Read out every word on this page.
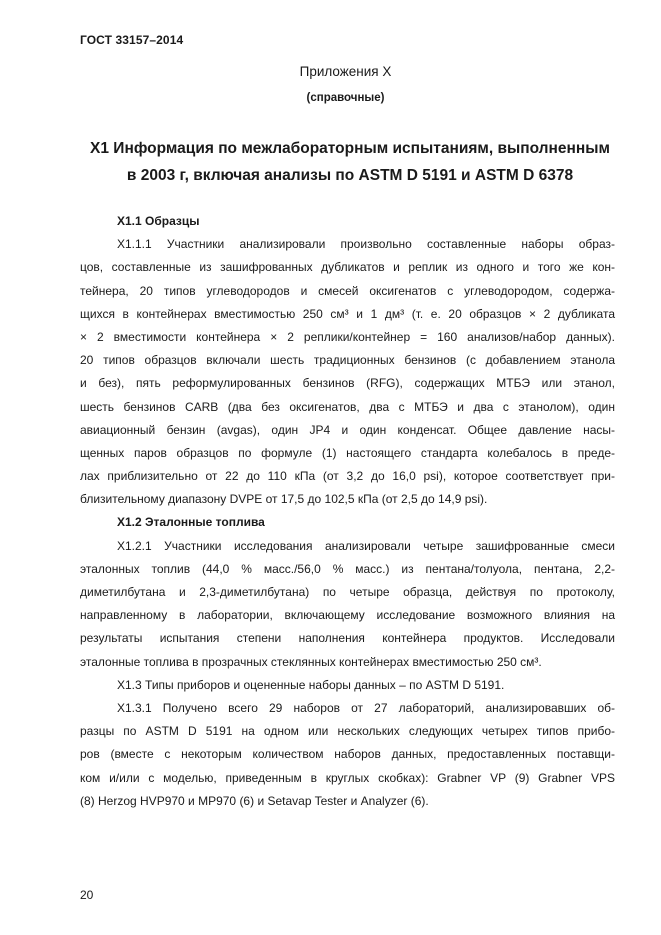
ГОСТ 33157–2014
Приложения Х
(справочные)
Х1 Информация по межлабораторным испытаниям, выполненным
в 2003 г, включая анализы по ASTM D 5191 и ASTM D 6378
Х1.1 Образцы
Х1.1.1 Участники анализировали произвольно составленные наборы образ-
цов, составленные из зашифрованных дубликатов и реплик из одного и того же кон-
тейнера, 20 типов углеводородов и смесей оксигенатов с углеводородом, содержа-
щихся в контейнерах вместимостью 250 см³ и 1 дм³ (т. е. 20 образцов × 2 дубликата
× 2 вместимости контейнера × 2 реплики/контейнер = 160 анализов/набор данных).
20 типов образцов включали шесть традиционных бензинов (с добавлением этанола
и без), пять реформулированных бензинов (RFG), содержащих МТБЭ или этанол,
шесть бензинов CARB (два без оксигенатов, два с МТБЭ и два с этанолом), один
авиационный бензин (avgas), один JP4 и один конденсат. Общее давление насы-
щенных паров образцов по формуле (1) настоящего стандарта колебалось в преде-
лах приблизительно от 22 до 110 кПа (от 3,2 до 16,0 psi), которое соответствует при-
близительному диапазону DVPE от 17,5 до 102,5 кПа (от 2,5 до 14,9 psi).
Х1.2 Эталонные топлива
Х1.2.1 Участники исследования анализировали четыре зашифрованные смеси
эталонных топлив (44,0 % масс./56,0 % масс.) из пентана/толуола, пентана, 2,2-
диметилбутана и 2,3-диметилбутана) по четыре образца, действуя по протоколу,
направленному в лаборатории, включающему исследование возможного влияния на
результаты испытания степени наполнения контейнера продуктов. Исследовали
эталонные топлива в прозрачных стеклянных контейнерах вместимостью 250 см³.
Х1.3 Типы приборов и оцененные наборы данных – по ASTM D 5191.
Х1.3.1 Получено всего 29 наборов от 27 лабораторий, анализировавших об-
разцы по ASTM D 5191 на одном или нескольких следующих четырех типов прибо-
ров (вместе с некоторым количеством наборов данных, предоставленных поставщи-
ком и/или с моделью, приведенным в круглых скобках): Grabner VP (9) Grabner VPS
(8) Herzog HVP970 и MP970 (6) и Setavap Tester и Analyzer (6).
20
